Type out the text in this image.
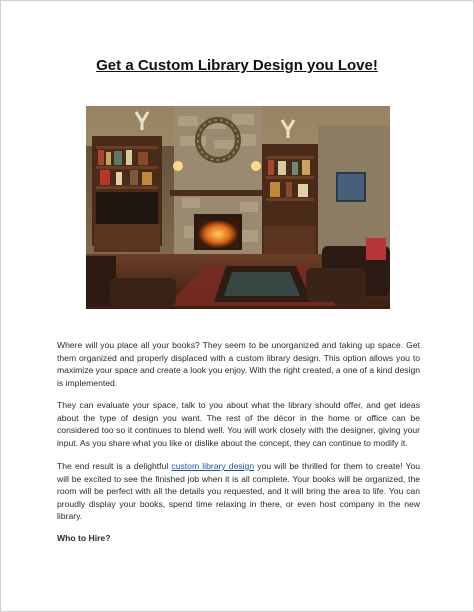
Get a Custom Library Design you Love!
Where will you place all your books? They seem to be unorganized and taking up space. Get them organized and properly displaced with a custom library design. This option allows you to maximize your space and create a look you enjoy. With the right created, a one of a kind design is implemented.
They can evaluate your space, talk to you about what the library should offer, and get ideas about the type of design you want. The rest of the décor in the home or office can be considered too so it continues to blend well. You will work closely with the designer, giving your input. As you share what you like or dislike about the concept, they can continue to modify it.
The end result is a delightful custom library design you will be thrilled for them to create! You will be excited to see the finished job when it is all complete. Your books will be organized, the room will be perfect with all the details you requested, and it will bring the area to life. You can proudly display your books, spend time relaxing in there, or even host company in the new library.
Who to Hire?
